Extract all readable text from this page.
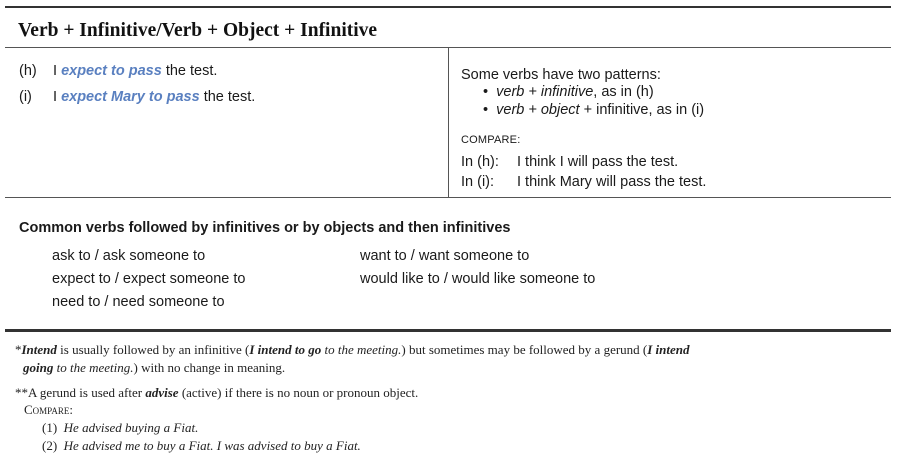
Verb + Infinitive/Verb + Object + Infinitive
(h) I expect to pass the test.
(i) I expect Mary to pass the test.
Some verbs have two patterns:
•  verb + infinitive, as in (h)
•  verb + object + infinitive, as in (i)
COMPARE:
In (h): I think I will pass the test.
In (i): I think Mary will pass the test.
Common verbs followed by infinitives or by objects and then infinitives
ask to / ask someone to
expect to / expect someone to
need to / need someone to
want to / want someone to
would like to / would like someone to
*Intend is usually followed by an infinitive (I intend to go to the meeting.) but sometimes may be followed by a gerund (I intend
going to the meeting.) with no change in meaning.
**A gerund is used after advise (active) if there is no noun or pronoun object.
Compare:
(1) He advised buying a Fiat.
(2) He advised me to buy a Fiat. I was advised to buy a Fiat.
